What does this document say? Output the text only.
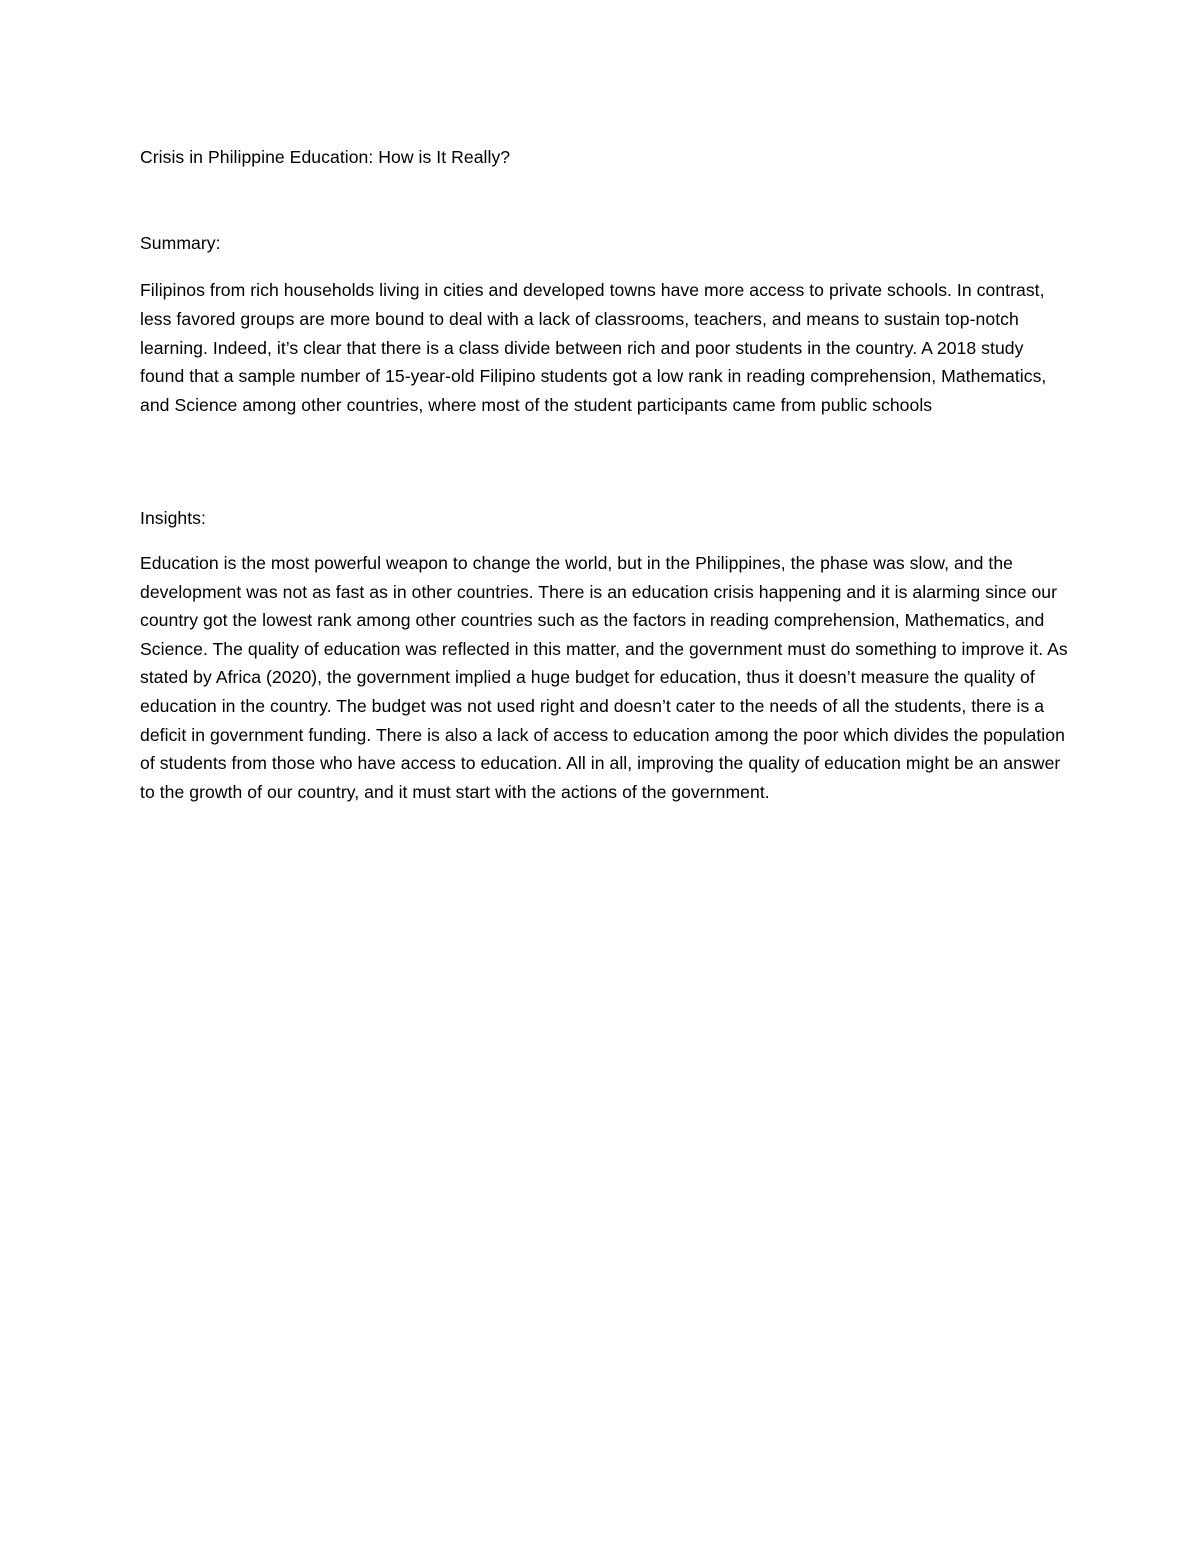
Crisis in Philippine Education: How is It Really?

Summary:

Filipinos from rich households living in cities and developed towns have more access to private schools. In contrast, less favored groups are more bound to deal with a lack of classrooms, teachers, and means to sustain top-notch learning. Indeed, it’s clear that there is a class divide between rich and poor students in the country. A 2018 study found that a sample number of 15-year-old Filipino students got a low rank in reading comprehension, Mathematics, and Science among other countries, where most of the student participants came from public schools

Insights:

Education is the most powerful weapon to change the world, but in the Philippines, the phase was slow, and the development was not as fast as in other countries. There is an education crisis happening and it is alarming since our country got the lowest rank among other countries such as the factors in reading comprehension, Mathematics, and Science. The quality of education was reflected in this matter, and the government must do something to improve it. As stated by Africa (2020), the government implied a huge budget for education, thus it doesn’t measure the quality of education in the country. The budget was not used right and doesn’t cater to the needs of all the students, there is a deficit in government funding. There is also a lack of access to education among the poor which divides the population of students from those who have access to education. All in all, improving the quality of education might be an answer to the growth of our country, and it must start with the actions of the government.
